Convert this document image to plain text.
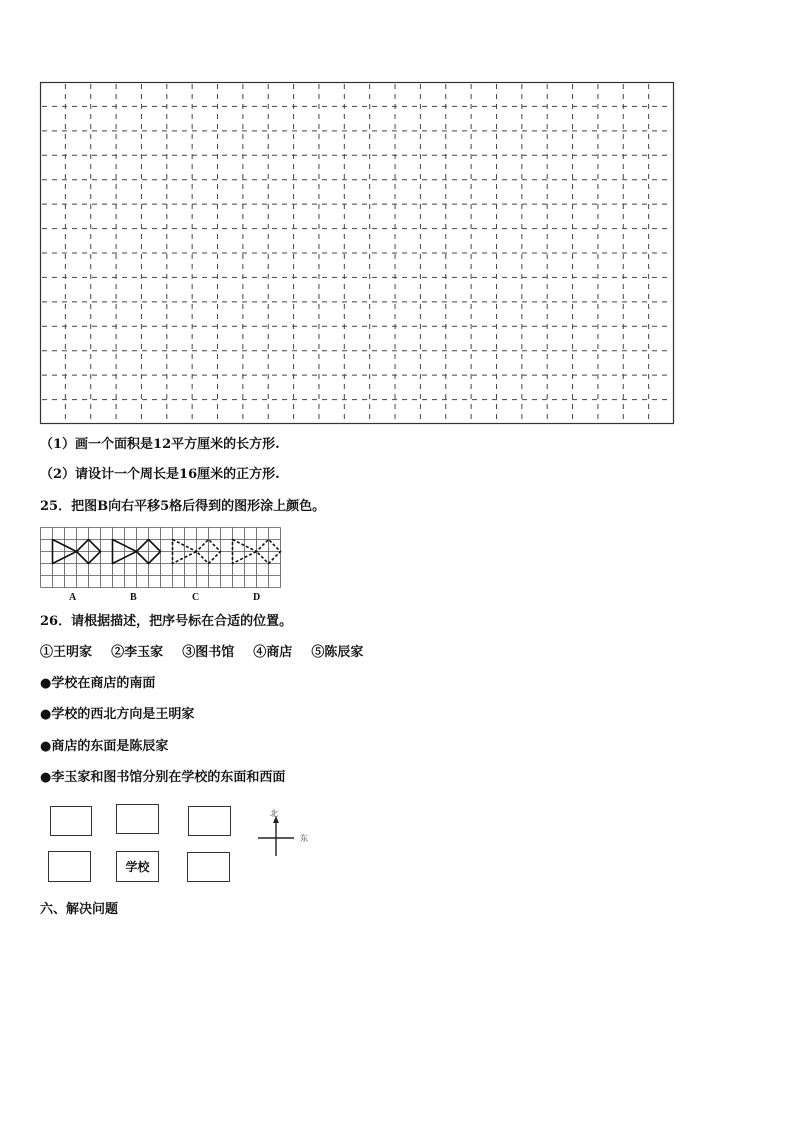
（1）画一个面积是12平方厘米的长方形.
（2）请设计一个周长是16厘米的正方形.
25．把图B向右平移5格后得到的图形涂上颜色。
A	B	C	D
26．请根据描述，把序号标在合适的位置。
①王明家 ②李玉家 ③图书馆 ④商店 ⑤陈辰家
●学校在商店的南面
●学校的西北方向是王明家
●商店的东面是陈辰家
●李玉家和图书馆分别在学校的东面和西面
学校
北
东
六、解决问题
